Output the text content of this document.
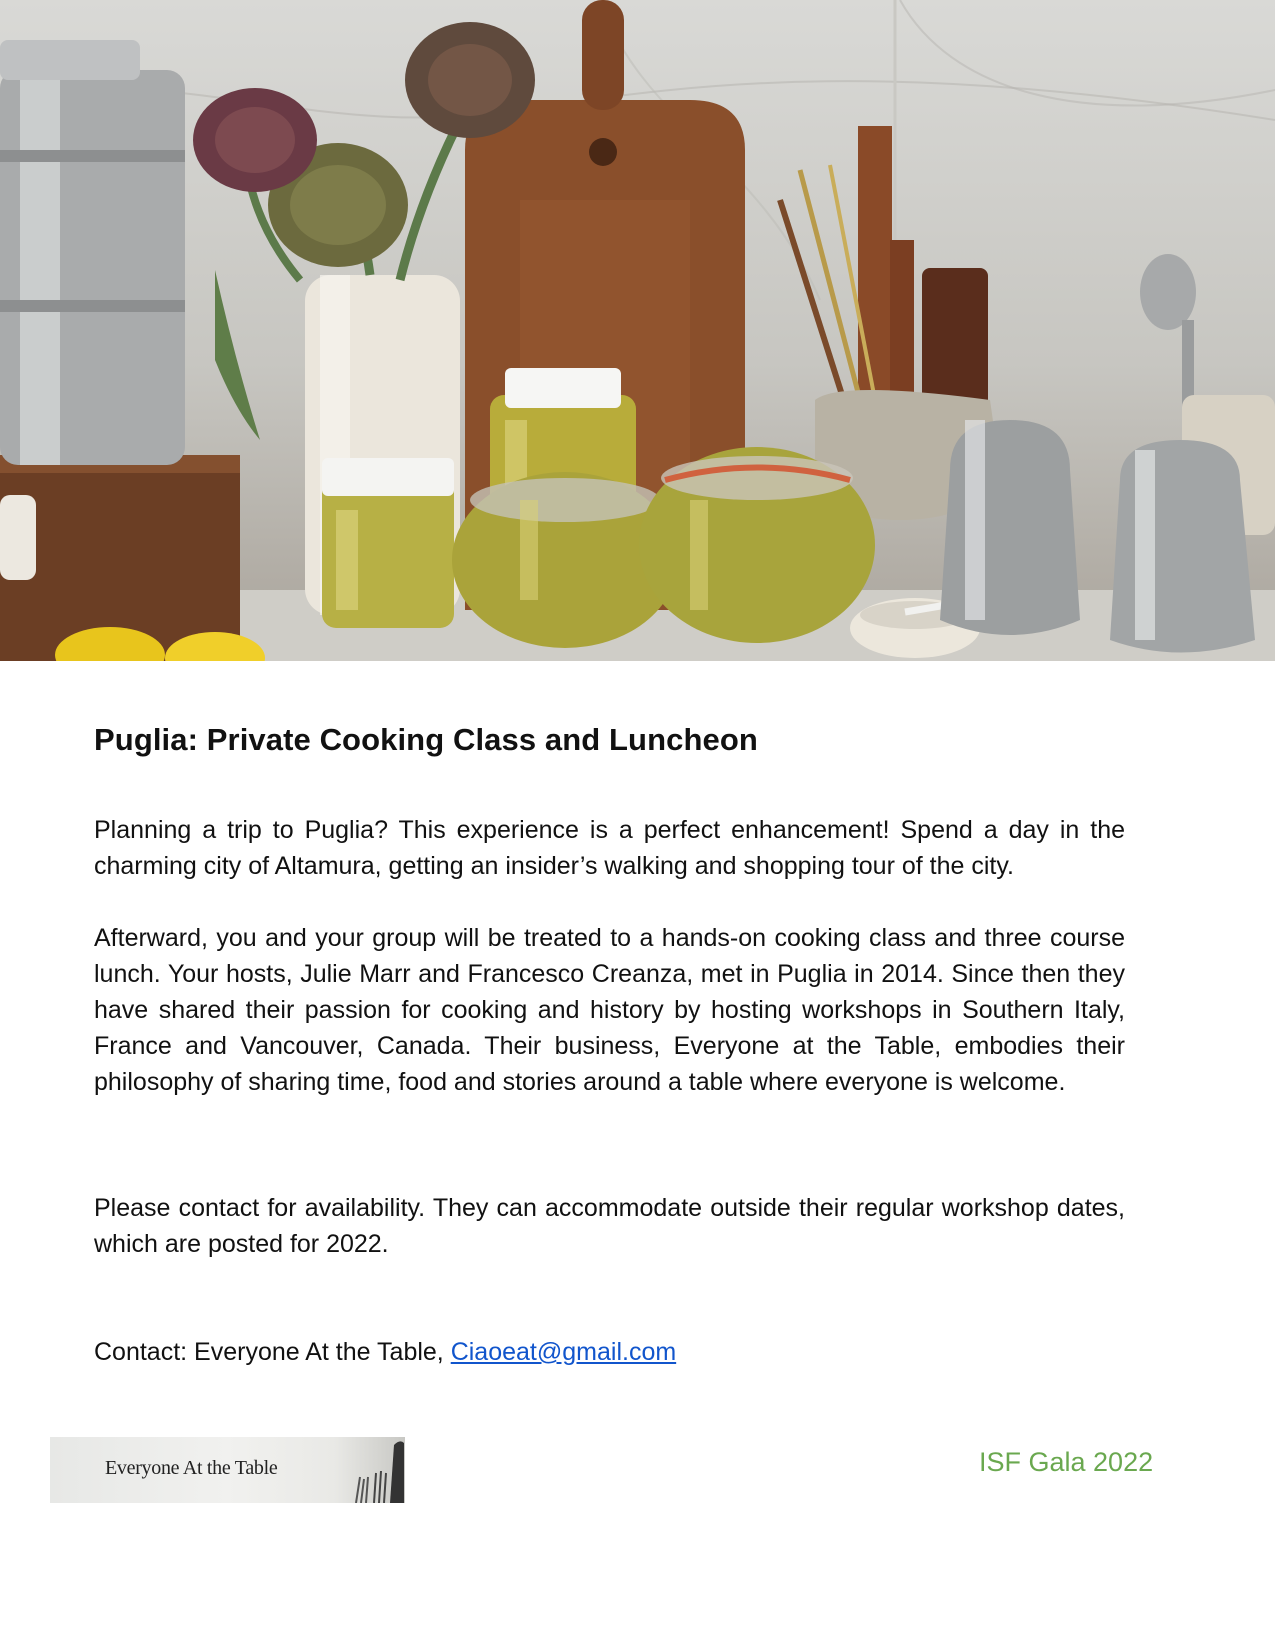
Puglia: Private Cooking Class and Luncheon

Planning a trip to Puglia? This experience is a perfect enhancement! Spend a day in the charming city of Altamura, getting an insider’s walking and shopping tour of the city.

Afterward, you and your group will be treated to a hands-on cooking class and three course lunch. Your hosts, Julie Marr and Francesco Creanza, met in Puglia in 2014. Since then they have shared their passion for cooking and history by hosting workshops in Southern Italy, France and Vancouver, Canada. Their business, Everyone at the Table, embodies their philosophy of sharing time, food and stories around a table where everyone is welcome.

Please contact for availability. They can accommodate outside their regular workshop dates, which are posted for 2022.

Contact: Everyone At the Table, Ciaoeat@gmail.com

Everyone At the Table	ISF Gala 2022
